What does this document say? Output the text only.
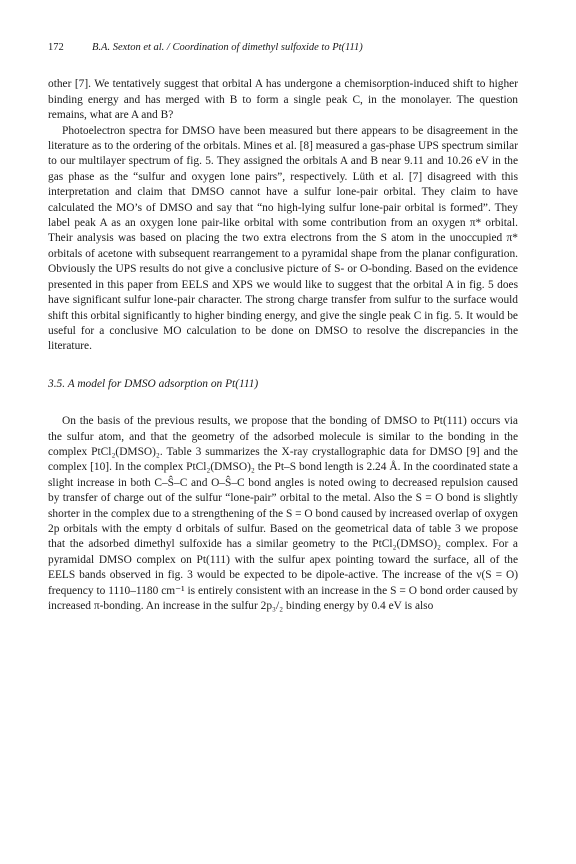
172	B.A. Sexton et al. / Coordination of dimethyl sulfoxide to Pt(111)

other [7]. We tentatively suggest that orbital A has undergone a chemisorption-induced shift to higher binding energy and has merged with B to form a single peak C, in the monolayer. The question remains, what are A and B?

Photoelectron spectra for DMSO have been measured but there appears to be disagreement in the literature as to the ordering of the orbitals. Mines et al. [8] measured a gas-phase UPS spectrum similar to our multilayer spectrum of fig. 5. They assigned the orbitals A and B near 9.11 and 10.26 eV in the gas phase as the “sulfur and oxygen lone pairs”, respectively. Lüth et al. [7] disagreed with this interpretation and claim that DMSO cannot have a sulfur lone-pair orbital. They claim to have calculated the MO’s of DMSO and say that “no high-lying sulfur lone-pair orbital is formed”. They label peak A as an oxygen lone pair-like orbital with some contribution from an oxygen π* orbital. Their analysis was based on placing the two extra electrons from the S atom in the unoccupied π* orbitals of acetone with subsequent rearrangement to a pyramidal shape from the planar configuration. Obviously the UPS results do not give a conclusive picture of S- or O-bonding. Based on the evidence presented in this paper from EELS and XPS we would like to suggest that the orbital A in fig. 5 does have significant sulfur lone-pair character. The strong charge transfer from sulfur to the surface would shift this orbital significantly to higher binding energy, and give the single peak C in fig. 5. It would be useful for a conclusive MO calculation to be done on DMSO to resolve the discrepancies in the literature.

3.5. A model for DMSO adsorption on Pt(111)

On the basis of the previous results, we propose that the bonding of DMSO to Pt(111) occurs via the sulfur atom, and that the geometry of the adsorbed molecule is similar to the bonding in the complex PtCl₂(DMSO)₂. Table 3 summarizes the X-ray crystallographic data for DMSO [9] and the complex [10]. In the complex PtCl₂(DMSO)₂ the Pt–S bond length is 2.24 Å. In the coordinated state a slight increase in both C–Ŝ–C and O–Ŝ–C bond angles is noted owing to decreased repulsion caused by transfer of charge out of the sulfur “lone-pair” orbital to the metal. Also the S = O bond is slightly shorter in the complex due to a strengthening of the S = O bond caused by increased overlap of oxygen 2p orbitals with the empty d orbitals of sulfur. Based on the geometrical data of table 3 we propose that the adsorbed dimethyl sulfoxide has a similar geometry to the PtCl₂(DMSO)₂ complex. For a pyramidal DMSO complex on Pt(111) with the sulfur apex pointing toward the surface, all of the EELS bands observed in fig. 3 would be expected to be dipole-active. The increase of the ν(S = O) frequency to 1110–1180 cm⁻¹ is entirely consistent with an increase in the S = O bond order caused by increased π-bonding. An increase in the sulfur 2p₃/₂ binding energy by 0.4 eV is also
